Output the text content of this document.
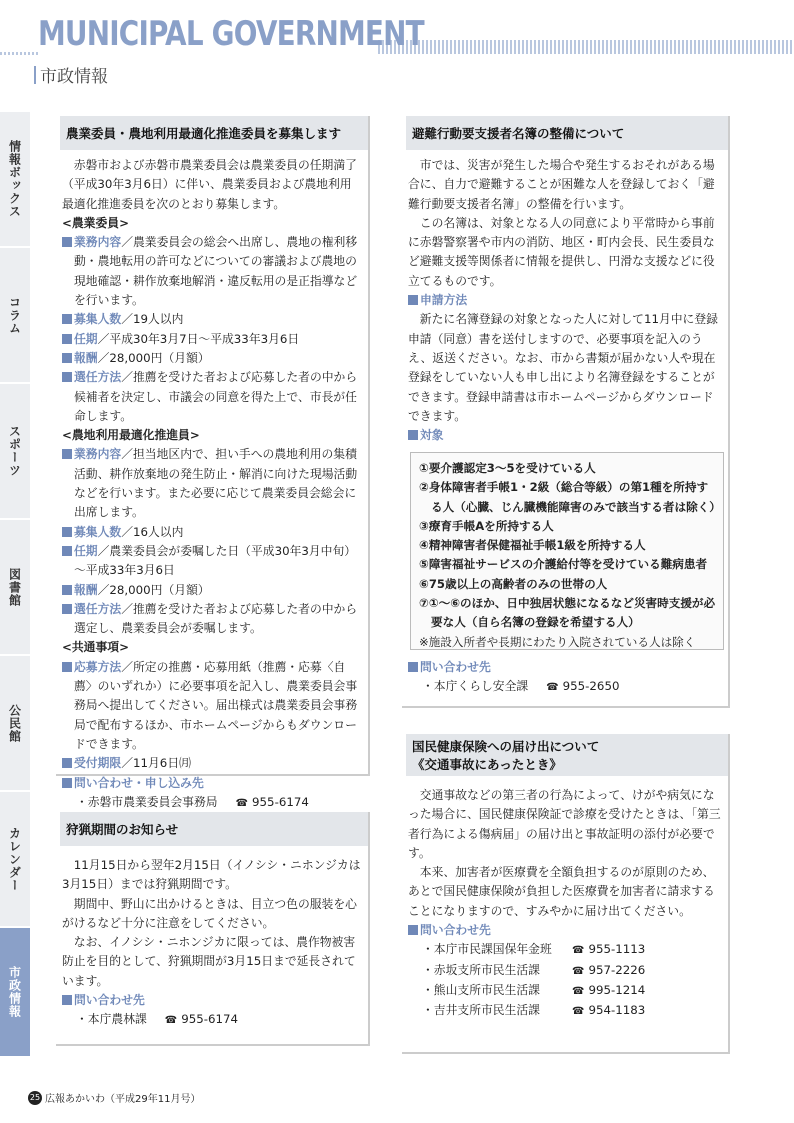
MUNICIPAL GOVERNMENT
市政情報
情報ボックス
コラム
スポーツ
図書館
公民館
カレンダー
市政情報
農業委員・農地利用最適化推進委員を募集します

赤磐市および赤磐市農業委員会は農業委員の任期満了（平成30年3月6日）に伴い、農業委員および農地利用最適化推進委員を次のとおり募集します。

<農業委員>

業務内容／農業委員会の総会へ出席し、農地の権利移動・農地転用の許可などについての審議および農地の現地確認・耕作放棄地解消・違反転用の是正指導などを行います。

募集人数／19人以内

任期／平成30年3月7日～平成33年3月6日

報酬／28,000円（月額）

選任方法／推薦を受けた者および応募した者の中から候補者を決定し、市議会の同意を得た上で、市長が任命します。

<農地利用最適化推進員>

業務内容／担当地区内で、担い手への農地利用の集積活動、耕作放棄地の発生防止・解消に向けた現場活動などを行います。また必要に応じて農業委員会総会に出席します。

募集人数／16人以内

任期／農業委員会が委嘱した日（平成30年3月中旬）～平成33年3月6日

報酬／28,000円（月額）

選任方法／推薦を受けた者および応募した者の中から選定し、農業委員会が委嘱します。

<共通事項>

応募方法／所定の推薦・応募用紙（推薦・応募〈自薦〉のいずれか）に必要事項を記入し、農業委員会事務局へ提出してください。届出様式は農業委員会事務局で配布するほか、市ホームページからもダウンロードできます。

受付期限／11月6日㈪

問い合わせ・申し込み先

・赤磐市農業委員会事務局 ☎ 955-6174

狩猟期間のお知らせ

11月15日から翌年2月15日（イノシシ・ニホンジカは3月15日）までは狩猟期間です。

期間中、野山に出かけるときは、目立つ色の服装を心がけるなど十分に注意をしてください。

なお、イノシシ・ニホンジカに限っては、農作物被害防止を目的として、狩猟期間が3月15日まで延長されています。

問い合わせ先

・本庁農林課 ☎ 955-6174

避難行動要支援者名簿の整備について

市では、災害が発生した場合や発生するおそれがある場合に、自力で避難することが困難な人を登録しておく「避難行動要支援者名簿」の整備を行います。

この名簿は、対象となる人の同意により平常時から事前に赤磐警察署や市内の消防、地区・町内会長、民生委員など避難支援等関係者に情報を提供し、円滑な支援などに役立てるものです。

申請方法

新たに名簿登録の対象となった人に対して11月中に登録申請（同意）書を送付しますので、必要事項を記入のうえ、返送ください。なお、市から書類が届かない人や現在登録をしていない人も申し出により名簿登録をすることができます。登録申請書は市ホームページからダウンロードできます。

対象

①要介護認定3～5を受けている人

②身体障害者手帳1・2級（総合等級）の第1種を所持する人（心臓、じん臓機能障害のみで該当する者は除く）

③療育手帳Aを所持する人

④精神障害者保健福祉手帳1級を所持する人

⑤障害福祉サービスの介護給付等を受けている難病患者

⑥75歳以上の高齢者のみの世帯の人

⑦①～⑥のほか、日中独居状態になるなど災害時支援が必要な人（自ら名簿の登録を希望する人）

※施設入所者や長期にわたり入院されている人は除く

問い合わせ先

・本庁くらし安全課 ☎ 955-2650

国民健康保険への届け出について
《交通事故にあったとき》

交通事故などの第三者の行為によって、けがや病気になった場合に、国民健康保険証で診療を受けたときは、「第三者行為による傷病届」の届け出と事故証明の添付が必要です。

本来、加害者が医療費を全額負担するのが原則のため、あとで国民健康保険が負担した医療費を加害者に請求することになりますので、すみやかに届け出てください。

問い合わせ先

・本庁市民課国保年金班 ☎ 955-1113

・赤坂支所市民生活課	☎ 957-2226

・熊山支所市民生活課	☎ 995-1214

・吉井支所市民生活課	☎ 954-1183

25 広報あかいわ（平成29年11月号）
